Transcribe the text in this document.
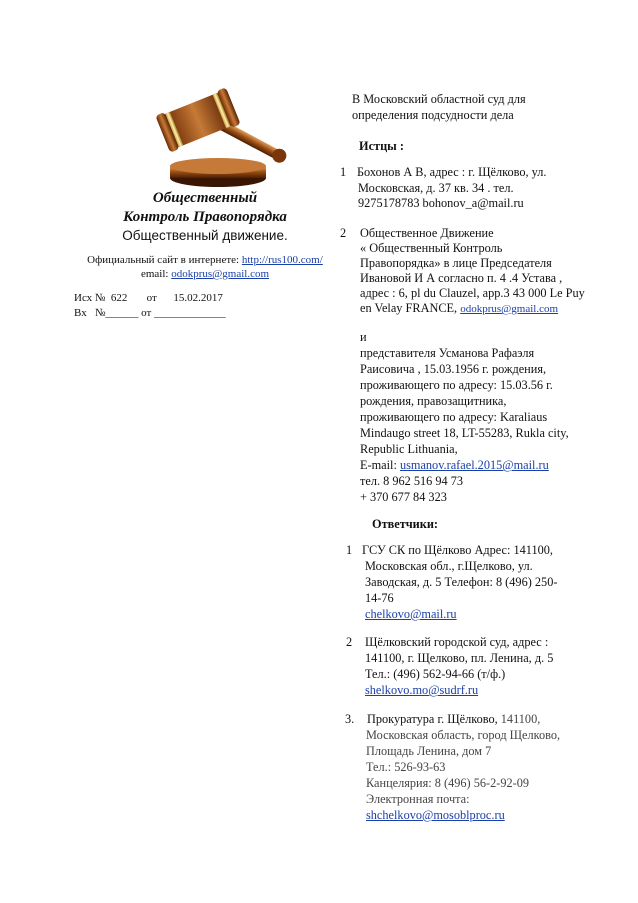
Общественный
Контроль Правопорядка
Общественный движение.
Официальный сайт в интернете: http://rus100.com/
email: odokprus@gmail.com
Исх №  622       от      15.02.2017
Вх   №______ от _____________
В Московский областной суд для
определения подсудности дела
Истцы :
1 Бохонов А В, адрес : г. Щёлково, ул.
Московская, д. 37 кв. 34 . тел.
9275178783 bohonov_a@mail.ru
2 Общественное Движение
« Общественный Контроль
Правопорядка» в лице Председателя
Ивановой И А согласно п. 4 .4 Устава ,
адрес : 6, pl du Clauzel, app.3 43 000 Le Puy
en Velay FRANCE, odokprus@gmail.com
и
представителя Усманова Рафаэля
Раисовича , 15.03.1956 г. рождения,
проживающего по адресу: 15.03.56 г.
рождения, правозащитника,
проживающего по адресу: Karaliaus
Mindaugo street 18, LT-55283, Rukla city,
Republic Lithuania,
E-mail: usmanov.rafael.2015@mail.ru
тел. 8 962 516 94 73
+ 370 677 84 323
Ответчики:
1 ГСУ СК по Щёлково Адрес: 141100,
Московская обл., г.Щелково, ул.
Заводская, д. 5 Телефон: 8 (496) 250-
14-76
chelkovo@mail.ru
2 Щёлковский городской суд, адрес :
141100, г. Щелково, пл. Ленина, д. 5
Тел.: (496) 562-94-66 (т/ф.)
shelkovo.mo@sudrf.ru
3. Прокуратура г. Щёлково, 141100,
Московская область, город Щелково,
Площадь Ленина, дом 7
Тел.: 526-93-63
Канцелярия: 8 (496) 56-2-92-09
Электронная почта:
shchelkovo@mosoblproc.ru
